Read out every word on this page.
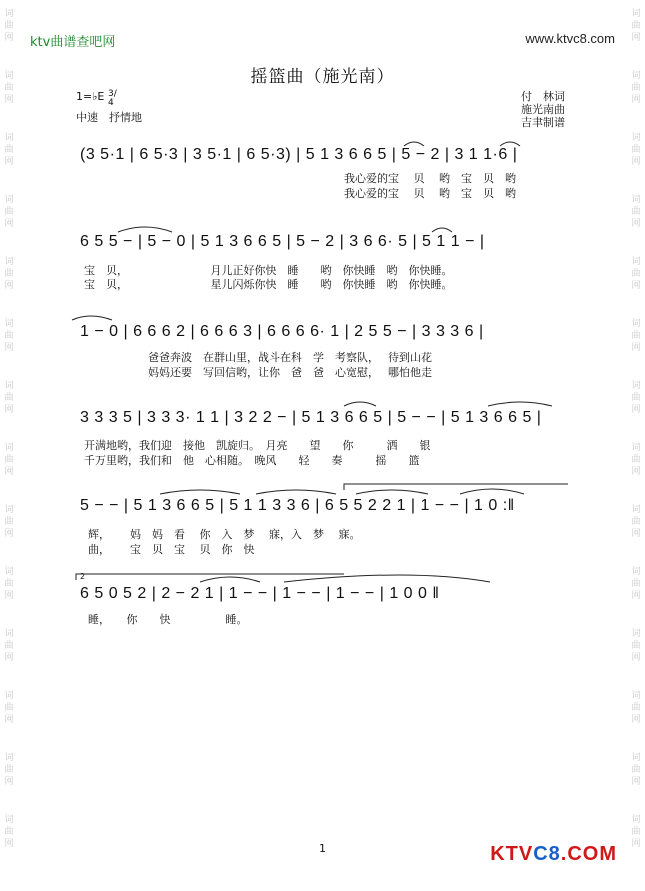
词
曲
网
词
曲
网
词
曲
网
词
曲
网
词
曲
网
词
曲
网
词
曲
网
词
曲
网
词
曲
网
词
曲
网
词
曲
网
词
曲
网
词
曲
网
词
曲
网
词
曲
网
词
曲
网
词
曲
网
词
曲
网
词
曲
网
词
曲
网
词
曲
网
词
曲
网
词
曲
网
词
曲
网
词
曲
网
词
曲
网
词
曲
网
词
曲
网
ktv曲谱查吧网	www.ktvc8.com
摇篮曲（施光南）
1=♭E 3/4
中速　抒情地
付　林词
施光南曲
吉聿制谱
(3 5·1 | 6 5·3 | 3 5·1 | 6 5·3) | 5 1 3 6 6 5 | 5 − 2 | 3 1 1·6 |
我心爱的宝　 贝　 哟　宝　贝　哟
我心爱的宝　 贝　 哟　宝　贝　哟
6 5 5 − | 5 − 0 | 5 1 3 6 6 5 | 5 − 2 | 3 6 6· 5 | 5 1 1 − |
宝　贝，　　　　　　　　月儿正好你快　睡　　哟　你快睡　哟　你快睡。
宝　贝，　　　　　　　　星儿闪烁你快　睡　　哟　你快睡　哟　你快睡。
1 − 0 | 6 6 6 2 | 6 6 6 3 | 6 6 6 6· 1 | 2 5 5 − | 3 3 3 6 |
爸爸奔波　在群山里，战斗在科　学　考察队，　 待到山花
妈妈还要　写回信哟，让你　爸　爸　心宽慰，　 哪怕他走
3 3 3 5 | 3 3 3· 1 1 | 3 2 2 − | 5 1 3 6 6 5 | 5 − − | 5 1 3 6 6 5 |
开满地哟，我们迎　接他　凯旋归。　月亮　　望　　你　　　洒　　银
千万里哟，我们和　他　心相随。　晚风　　轻　　奏　　　摇　　篮
5 − − | 5 1 3 6 6 5 | 5 1 1 3 3 6 | 6 5 5 2 2 1 | 1 − − | 1 0 :‖
辉，　　 妈　妈　看　 你　入　梦　 寐，入　梦　 寐。
曲，　　 宝　贝　宝　 贝　你　快
2
6 5 0 5 2 | 2 − 2 1 | 1 − − | 1 − − | 1 − − | 1 0 0 ‖
睡，　　你　　快　　　　　睡。
1	KTVC8.COM
